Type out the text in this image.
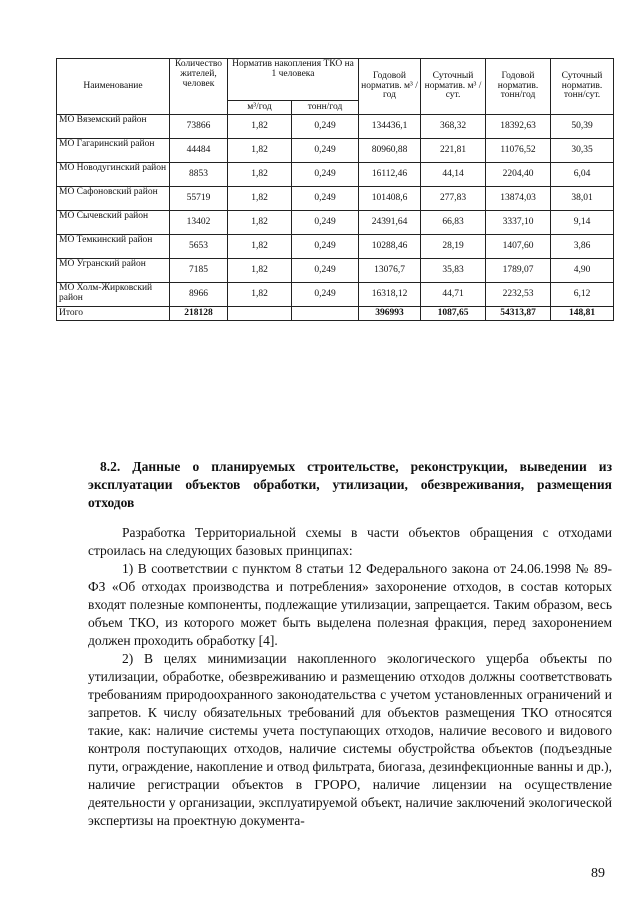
Наименование	Количество жителей, человек	Норматив накопления ТКО на 1 человека		Годовой норматив. м³ /год	Суточный норматив. м³ /сут.	Годовой норматив. тонн/год	Суточный норматив. тонн/сут.
		м³/год	тонн/год				
МО Вяземский район	73866	1,82	0,249	134436,1	368,32	18392,63	50,39
МО Гагаринский район	44484	1,82	0,249	80960,88	221,81	11076,52	30,35
МО Новодугинский район	8853	1,82	0,249	16112,46	44,14	2204,40	6,04
МО Сафоновский район	55719	1,82	0,249	101408,6	277,83	13874,03	38,01
МО Сычевский район	13402	1,82	0,249	24391,64	66,83	3337,10	9,14
МО Темкинский район	5653	1,82	0,249	10288,46	28,19	1407,60	3,86
МО Угранский район	7185	1,82	0,249	13076,7	35,83	1789,07	4,90
МО Холм-Жирковский район	8966	1,82	0,249	16318,12	44,71	2232,53	6,12
Итого	218128			396993	1087,65	54313,87	148,81
8.2. Данные о планируемых строительстве, реконструкции, выведении из эксплуатации объектов обработки, утилизации, обезвреживания, размещения отходов

Разработка Территориальной схемы в части объектов обращения с отходами строилась на следующих базовых принципах:

1) В соответствии с пунктом 8 статьи 12 Федерального закона от 24.06.1998 № 89-ФЗ «Об отходах производства и потребления» захоронение отходов, в состав которых входят полезные компоненты, подлежащие утилизации, запрещается. Таким образом, весь объем ТКО, из которого может быть выделена полезная фракция, перед захоронением должен проходить обработку [4].

2) В целях минимизации накопленного экологического ущерба объекты по утилизации, обработке, обезвреживанию и размещению отходов должны соответствовать требованиям природоохранного законодательства с учетом установленных ограничений и запретов. К числу обязательных требований для объектов размещения ТКО относятся такие, как: наличие системы учета поступающих отходов, наличие весового и видового контроля поступающих отходов, наличие системы обустройства объектов (подъездные пути, ограждение, накопление и отвод фильтрата, биогаза, дезинфекционные ванны и др.), наличие регистрации объектов в ГРОРО, наличие лицензии на осуществление деятельности у организации, эксплуатируемой объект, наличие заключений экологической экспертизы на проектную документа-

89
